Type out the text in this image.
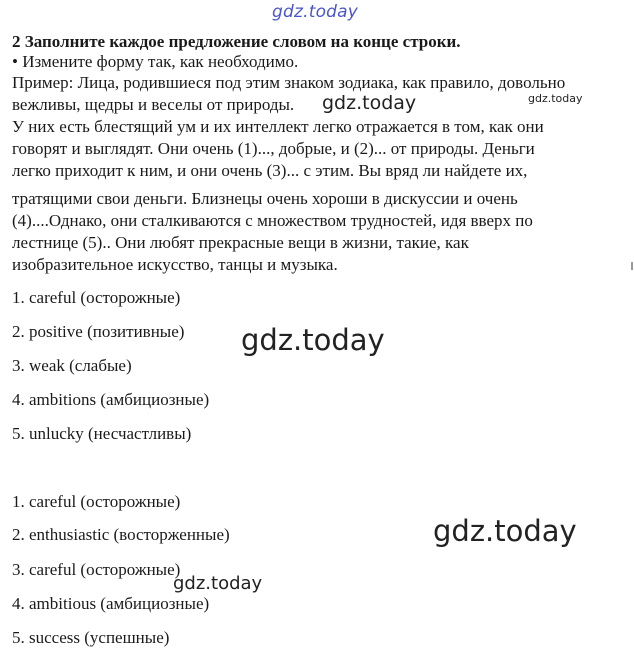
gdz.today
2 Заполните каждое предложение словом на конце строки.
• Измените форму так, как необходимо.
Пример: Лица, родившиеся под этим знаком зодиака, как правило, довольно
вежливы, щедры и веселы от природы. gdz.today	gdz.today
У них есть блестящий ум и их интеллект легко отражается в том, как они
говорят и выглядят. Они очень (1)..., добрые, и (2)... от природы. Деньги
легко приходит к ним, и они очень (3)... с этим. Вы вряд ли найдете их,
тратящими свои деньги. Близнецы очень хороши в дискуссии и очень
(4)....Однако, они сталкиваются с множеством трудностей, идя вверх по
лестнице (5).. Они любят прекрасные вещи в жизни, такие, как
изобразительное искусство, танцы и музыка.
1. careful (осторожные)
2. positive (позитивные)
3. weak (слабые)
4. ambitions (амбициозные)
5. unlucky (несчастливы)
gdz.today
1. careful (осторожные)
2. enthusiastic (восторженные)
3. careful (осторожные)
4. ambitious (амбициозные)
5. success (успешные)
gdz.today
gdz.today
